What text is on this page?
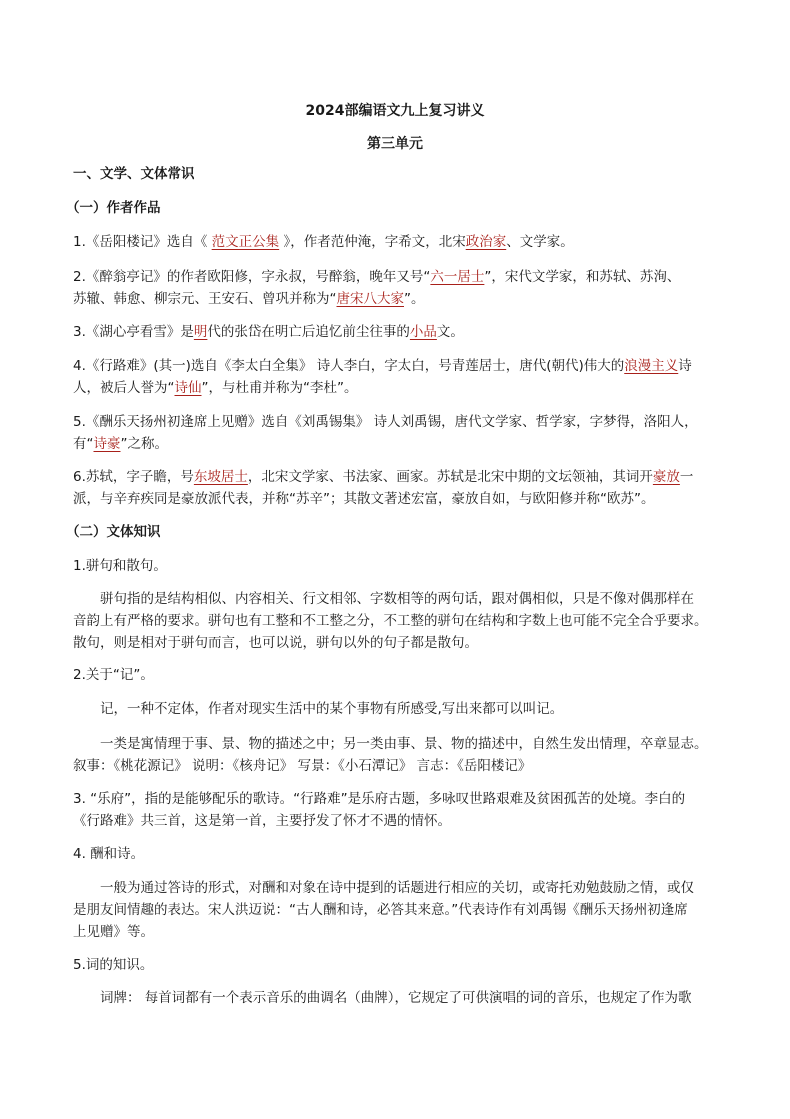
2024部编语文九上复习讲义
第三单元
一、文学、文体常识
（一）作者作品
1.《岳阳楼记》选自《 范文正公集 》，作者范仲淹，字希文，北宋政治家、文学家。
2.《醉翁亭记》的作者欧阳修，字永叔，号醉翁，晚年又号“六一居士”，宋代文学家，和苏轼、苏洵、
苏辙、韩愈、柳宗元、王安石、曾巩并称为“唐宋八大家”。
3.《湖心亭看雪》是明代的张岱在明亡后追忆前尘往事的小品文。
4.《行路难》(其一)选自《李太白全集》 诗人李白，字太白，号青莲居士，唐代(朝代)伟大的浪漫主义诗
人，被后人誉为“诗仙”，与杜甫并称为“李杜”。
5.《酬乐天扬州初逢席上见赠》选自《刘禹锡集》 诗人刘禹锡，唐代文学家、哲学家，字梦得，洛阳人，
有“诗豪”之称。
6.苏轼，字子瞻，号东坡居士，北宋文学家、书法家、画家。苏轼是北宋中期的文坛领袖，其词开豪放一
派，与辛弃疾同是豪放派代表，并称“苏辛”；其散文著述宏富，豪放自如，与欧阳修并称“欧苏”。
（二）文体知识
1.骈句和散句。
骈句指的是结构相似、内容相关、行文相邻、字数相等的两句话，跟对偶相似，只是不像对偶那样在
音韵上有严格的要求。骈句也有工整和不工整之分，不工整的骈句在结构和字数上也可能不完全合乎要求。
散句，则是相对于骈句而言，也可以说，骈句以外的句子都是散句。
2.关于“记”。
记，一种不定体，作者对现实生活中的某个事物有所感受,写出来都可以叫记。
一类是寓情理于事、景、物的描述之中；另一类由事、景、物的描述中，自然生发出情理，卒章显志。
叙事：《桃花源记》 说明：《核舟记》 写景：《小石潭记》 言志：《岳阳楼记》
3. “乐府”，指的是能够配乐的歌诗。“行路难”是乐府古题，多咏叹世路艰难及贫困孤苦的处境。李白的
《行路难》共三首，这是第一首，主要抒发了怀才不遇的情怀。
4. 酬和诗。
一般为通过答诗的形式，对酬和对象在诗中提到的话题进行相应的关切，或寄托劝勉鼓励之情，或仅
是朋友间情趣的表达。宋人洪迈说：“古人酬和诗，必答其来意。”代表诗作有刘禹锡《酬乐天扬州初逢席
上见赠》等。
5.词的知识。
词牌： 每首词都有一个表示音乐的曲调名（曲牌），它规定了可供演唱的词的音乐，也规定了作为歌
